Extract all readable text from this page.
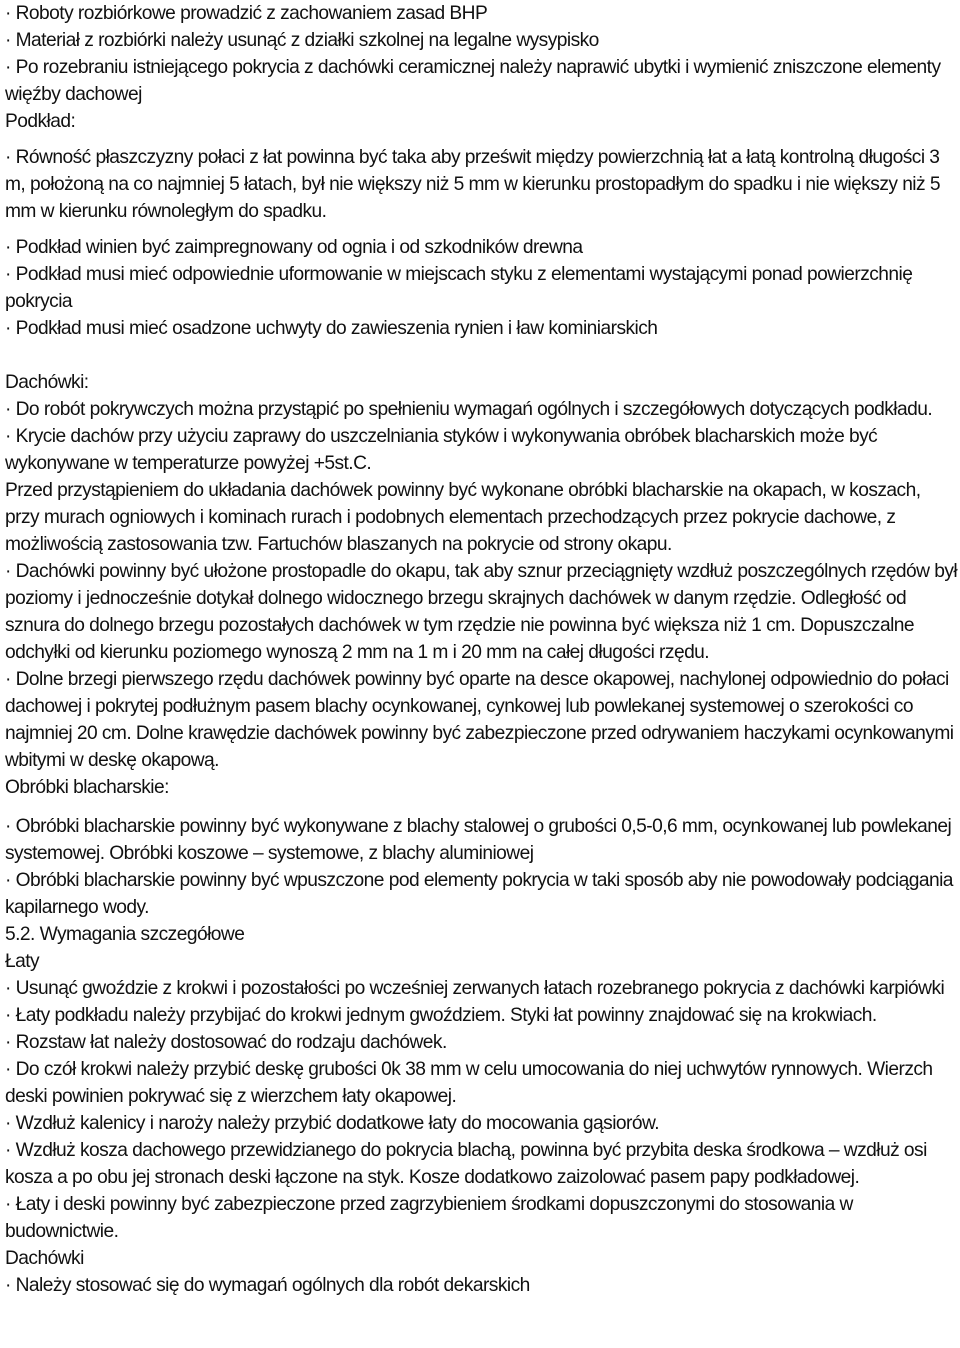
· Roboty rozbiórkowe prowadzić z zachowaniem zasad BHP

· Materiał z rozbiórki należy usunąć z działki szkolnej na legalne wysypisko

· Po rozebraniu istniejącego pokrycia z dachówki ceramicznej należy naprawić ubytki i wymienić zniszczone elementy więźby dachowej

Podkład:

· Równość płaszczyzny połaci z łat powinna być taka aby prześwit między powierzchnią łat a łatą kontrolną długości 3 m, położoną na co najmniej 5 łatach, był nie większy niż 5 mm w kierunku prostopadłym do spadku i nie większy niż 5 mm w kierunku równoległym do spadku.

· Podkład winien być zaimpregnowany od ognia i od szkodników drewna

· Podkład musi mieć odpowiednie uformowanie w miejscach styku z elementami wystającymi ponad powierzchnię pokrycia

· Podkład musi mieć osadzone uchwyty do zawieszenia rynien i ław kominiarskich

Dachówki:

· Do robót pokrywczych można przystąpić po spełnieniu wymagań ogólnych i szczegółowych dotyczących podkładu.

· Krycie dachów przy użyciu zaprawy do uszczelniania styków i wykonywania obróbek blacharskich może być wykonywane w temperaturze powyżej +5st.C.

Przed przystąpieniem do układania dachówek powinny być wykonane obróbki blacharskie na okapach, w koszach, przy murach ogniowych i kominach rurach i podobnych elementach przechodzących przez pokrycie dachowe, z możliwością zastosowania tzw. Fartuchów blaszanych na pokrycie od strony okapu.

· Dachówki powinny być ułożone prostopadle do okapu, tak aby sznur przeciągnięty wzdłuż poszczególnych rzędów był poziomy i jednocześnie dotykał dolnego widocznego brzegu skrajnych dachówek w danym rzędzie. Odległość od sznura do dolnego brzegu pozostałych dachówek w tym rzędzie nie powinna być większa niż 1 cm. Dopuszczalne odchyłki od kierunku poziomego wynoszą 2 mm na 1 m i 20 mm na całej długości rzędu.

· Dolne brzegi pierwszego rzędu dachówek powinny być oparte na desce okapowej, nachylonej odpowiednio do połaci dachowej i pokrytej podłużnym pasem blachy ocynkowanej, cynkowej lub powlekanej systemowej o szerokości co najmniej 20 cm. Dolne krawędzie dachówek powinny być zabezpieczone przed odrywaniem haczykami ocynkowanymi wbitymi w deskę okapową.

Obróbki blacharskie:

· Obróbki blacharskie powinny być wykonywane z blachy stalowej o grubości 0,5-0,6 mm, ocynkowanej lub powlekanej systemowej. Obróbki koszowe – systemowe, z blachy aluminiowej

· Obróbki blacharskie powinny być wpuszczone pod elementy pokrycia w taki sposób aby nie powodowały podciągania kapilarnego wody.

5.2. Wymagania szczegółowe

Łaty

· Usunąć gwoździe z krokwi i pozostałości po wcześniej zerwanych łatach rozebranego pokrycia z dachówki karpiówki

· Łaty podkładu należy przybijać do krokwi jednym gwoździem. Styki łat powinny znajdować się na krokwiach.

· Rozstaw łat należy dostosować do rodzaju dachówek.

· Do czół krokwi należy przybić deskę grubości 0k 38 mm w celu umocowania do niej uchwytów rynnowych. Wierzch deski powinien pokrywać się z wierzchem łaty okapowej.

· Wzdłuż kalenicy i naroży należy przybić dodatkowe łaty do mocowania gąsiorów.

· Wzdłuż kosza dachowego przewidzianego do pokrycia blachą, powinna być przybita deska środkowa – wzdłuż osi kosza a po obu jej stronach deski łączone na styk. Kosze dodatkowo zaizolować pasem papy podkładowej.

· Łaty i deski powinny być zabezpieczone przed zagrzybieniem środkami dopuszczonymi do stosowania w budownictwie.

Dachówki

· Należy stosować się do wymagań ogólnych dla robót dekarskich
